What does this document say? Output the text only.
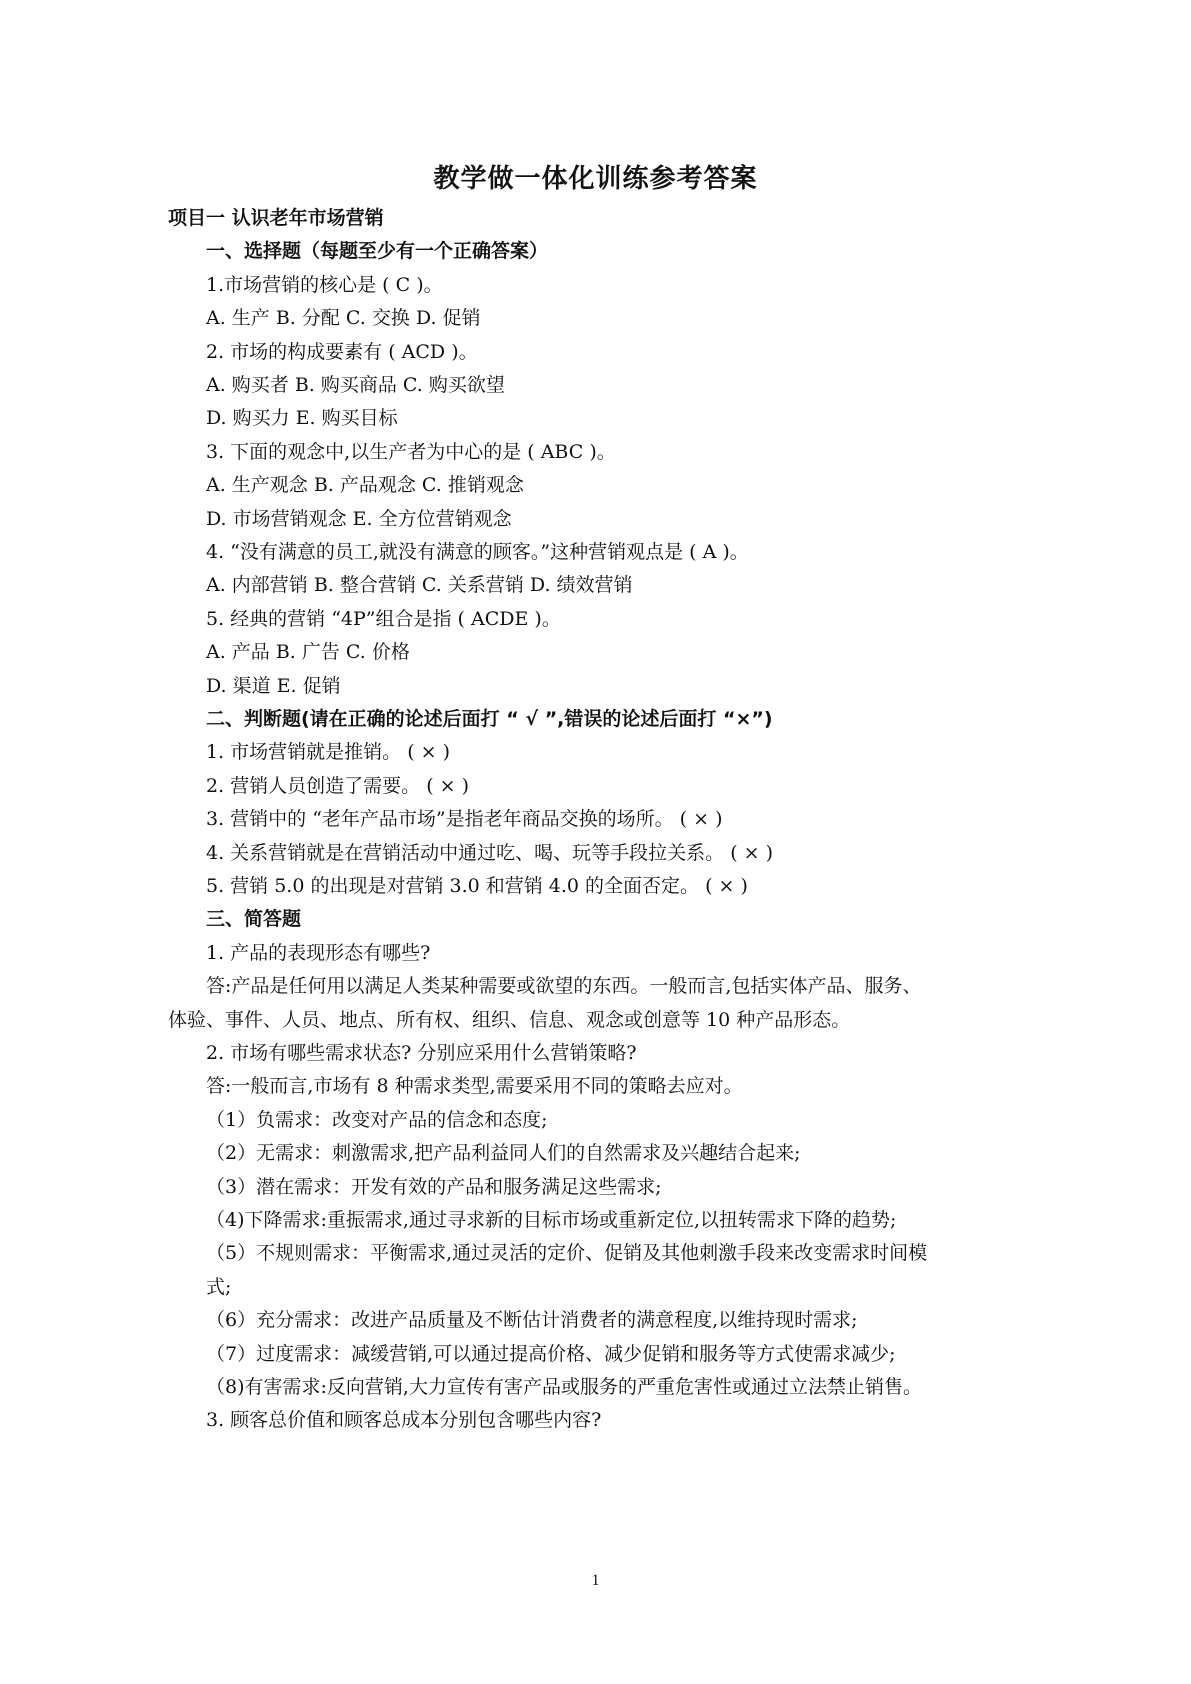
教学做一体化训练参考答案
项目一 认识老年市场营销
一、选择题（每题至少有一个正确答案）
1.市场营销的核心是 ( C )。
A. 生产 B. 分配 C. 交换 D. 促销
2. 市场的构成要素有 ( ACD )。
A. 购买者 B. 购买商品 C. 购买欲望
D. 购买力 E. 购买目标
3. 下面的观念中,以生产者为中心的是 ( ABC )。
A. 生产观念 B. 产品观念 C. 推销观念
D. 市场营销观念 E. 全方位营销观念
4. “没有满意的员工,就没有满意的顾客。”这种营销观点是 ( A )。
A. 内部营销 B. 整合营销 C. 关系营销 D. 绩效营销
5. 经典的营销 “4P”组合是指 ( ACDE )。
A. 产品 B. 广告 C. 价格
D. 渠道 E. 促销
二、判断题(请在正确的论述后面打 “ √ ”,错误的论述后面打 “×”)
1. 市场营销就是推销。 ( × )
2. 营销人员创造了需要。 ( × )
3. 营销中的 “老年产品市场”是指老年商品交换的场所。 ( × )
4. 关系营销就是在营销活动中通过吃、喝、玩等手段拉关系。 ( × )
5. 营销 5.0 的出现是对营销 3.0 和营销 4.0 的全面否定。 ( × )
三、简答题
1. 产品的表现形态有哪些?
答:产品是任何用以满足人类某种需要或欲望的东西。一般而言,包括实体产品、服务、
体验、事件、人员、地点、所有权、组织、信息、观念或创意等 10 种产品形态。
2. 市场有哪些需求状态? 分别应采用什么营销策略?
答:一般而言,市场有 8 种需求类型,需要采用不同的策略去应对。
（1）负需求：改变对产品的信念和态度;
（2）无需求：刺激需求,把产品利益同人们的自然需求及兴趣结合起来;
（3）潜在需求：开发有效的产品和服务满足这些需求;
（4)下降需求:重振需求,通过寻求新的目标市场或重新定位,以扭转需求下降的趋势;
（5）不规则需求：平衡需求,通过灵活的定价、促销及其他刺激手段来改变需求时间模
式;
（6）充分需求：改进产品质量及不断估计消费者的满意程度,以维持现时需求;
（7）过度需求：减缓营销,可以通过提高价格、减少促销和服务等方式使需求减少;
（8)有害需求:反向营销,大力宣传有害产品或服务的严重危害性或通过立法禁止销售。
3. 顾客总价值和顾客总成本分别包含哪些内容?
1
